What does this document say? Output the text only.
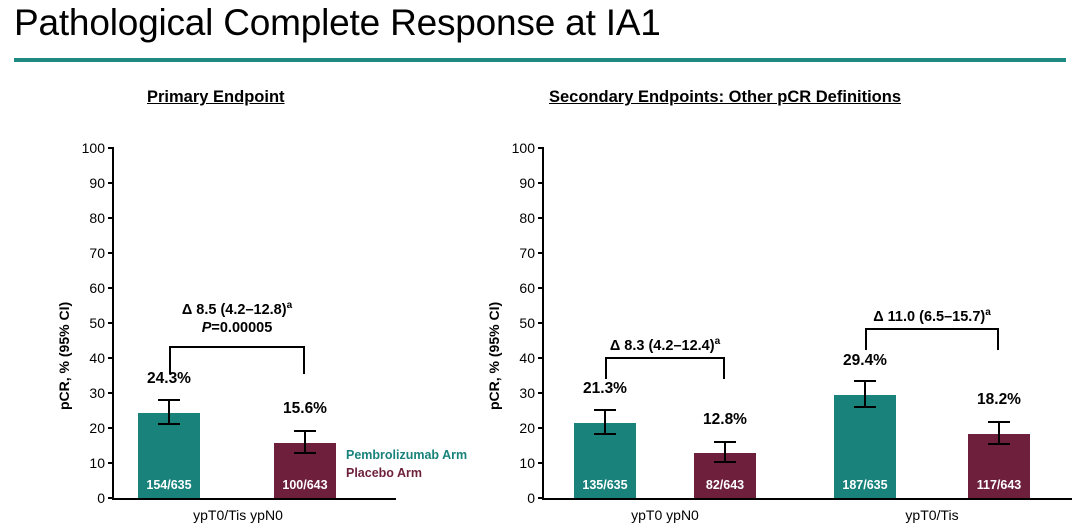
Pathological Complete Response at IA1
Primary Endpoint	Secondary Endpoints: Other pCR Definitions
pCR, % (95% CI)
100
90
80
70
60
50
40
30
20
10
0
154/635
24.3%
100/643
15.6%
Δ 8.5 $(4.2-12.8)^a$
P=0.00005
Pembrolizumab Arm
Placebo Arm
ypT0/Tis ypN0
pCR, % (95% CI)
100
90
80
70
60
50
40
30
20
10
0
135/635
21.3%
82/643
12.8%
Δ 8.3 $(4.2-12.4)^a$
ypT0 ypN0
187/635
29.4%
117/643
18.2%
Δ 11.0 $(6.5-15.7)^a$
ypT0/Tis
